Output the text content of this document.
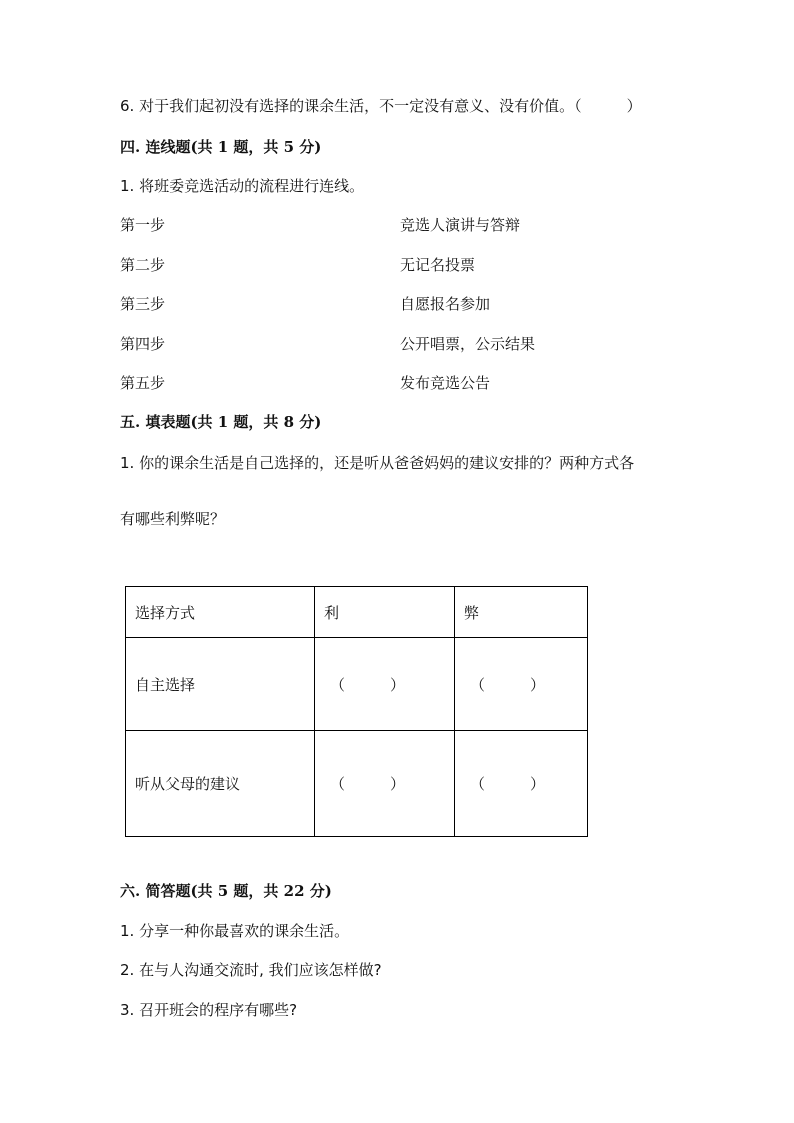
6. 对于我们起初没有选择的课余生活，不一定没有意义、没有价值。（　　　）
四. 连线题(共 1 题，共 5 分)
1. 将班委竞选活动的流程进行连线。
第一步	竞选人演讲与答辩
第二步	无记名投票
第三步	自愿报名参加
第四步	公开唱票，公示结果
第五步	发布竞选公告
五. 填表题(共 1 题，共 8 分)
1. 你的课余生活是自己选择的，还是听从爸爸妈妈的建议安排的？两种方式各
有哪些利弊呢？
选择方式	利	弊
自主选择	（　　　）	（　　　）
听从父母的建议	（　　　）	（　　　）
六. 简答题(共 5 题，共 22 分)
1. 分享一种你最喜欢的课余生活。
2. 在与人沟通交流时, 我们应该怎样做?
3. 召开班会的程序有哪些?
